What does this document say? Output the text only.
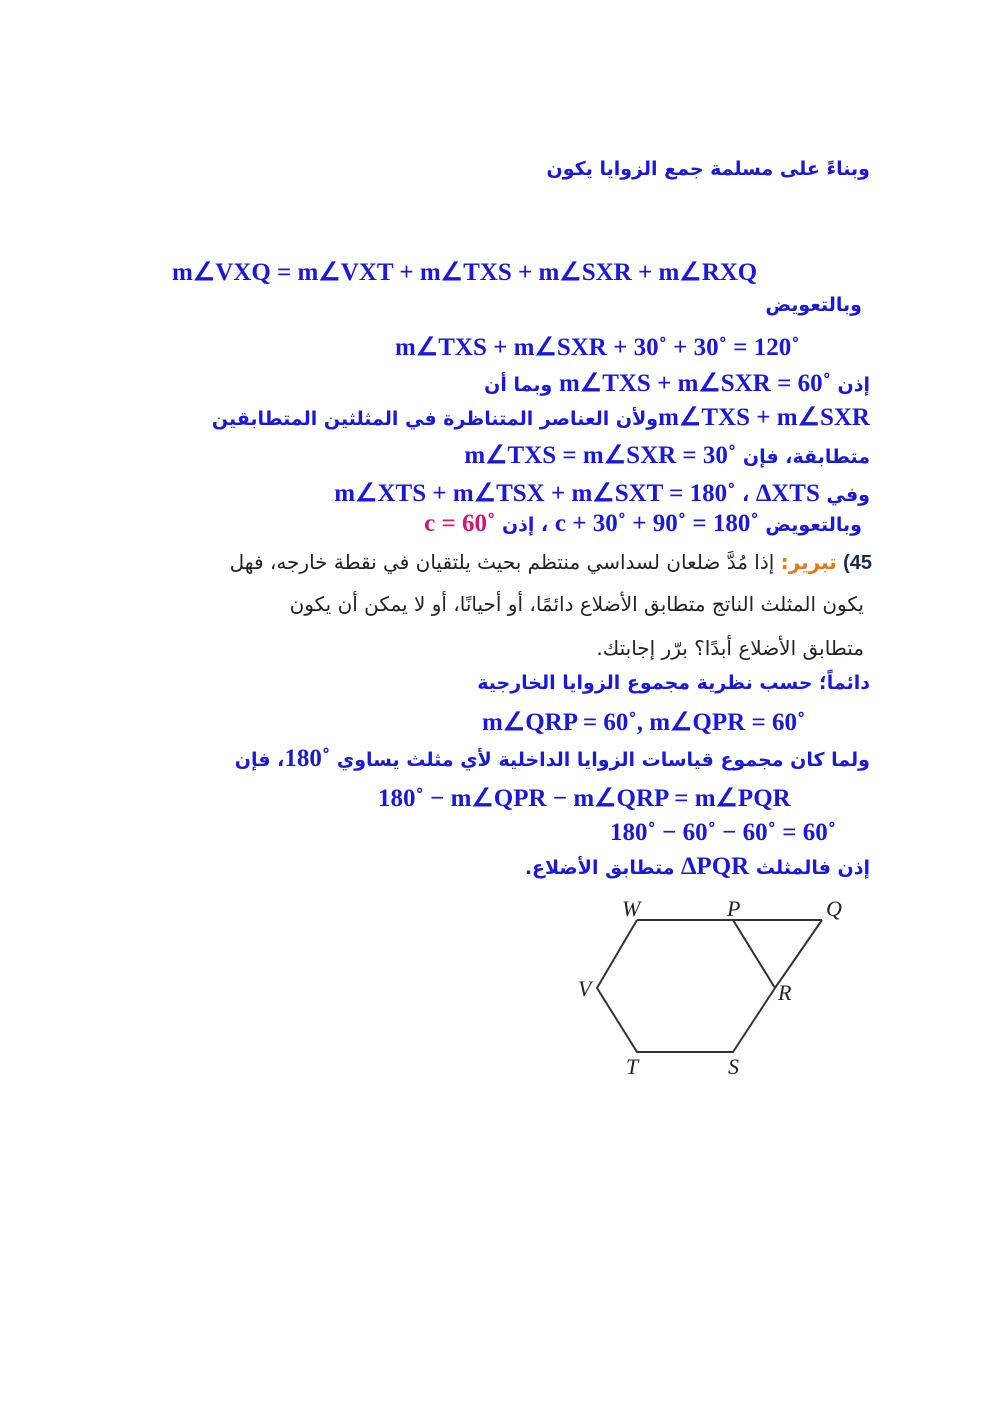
وبناءً على مسلمة جمع الزوايا يكون
m∠VXQ = m∠VXT + m∠TXS + m∠SXR + m∠RXQ
وبالتعويض
m∠TXS + m∠SXR + 30˚ + 30˚ = 120˚
إذن m∠TXS + m∠SXR = 60˚ وبما أن
m∠TXS + m∠SXRولأن العناصر المتناظرة في المثلثين المتطابقين
متطابقة، فإن m∠TXS = m∠SXR = 30˚
وفي ∆XTS ، m∠XTS + m∠TSX + m∠SXT = 180˚
وبالتعويض c + 30˚ + 90˚ = 180˚ ، إذن c = 60˚
45) تبرير: إذا مُدَّ ضلعان لسداسي منتظم بحيث يلتقيان في نقطة خارجه، فهل
يكون المثلث الناتج متطابق الأضلاع دائمًا، أو أحيانًا، أو لا يمكن أن يكون
متطابق الأضلاع أبدًا؟ برّر إجابتك.
دائماً؛ حسب نظرية مجموع الزوايا الخارجية
m∠QRP = 60˚, m∠QPR = 60˚
ولما كان مجموع قياسات الزوايا الداخلية لأي مثلث يساوي 180˚، فإن
180˚ − m∠QPR − m∠QRP = m∠PQR
180˚ − 60˚ − 60˚ = 60˚
إذن فالمثلث ∆PQR متطابق الأضلاع.
W	P	Q
V	R
T	S
